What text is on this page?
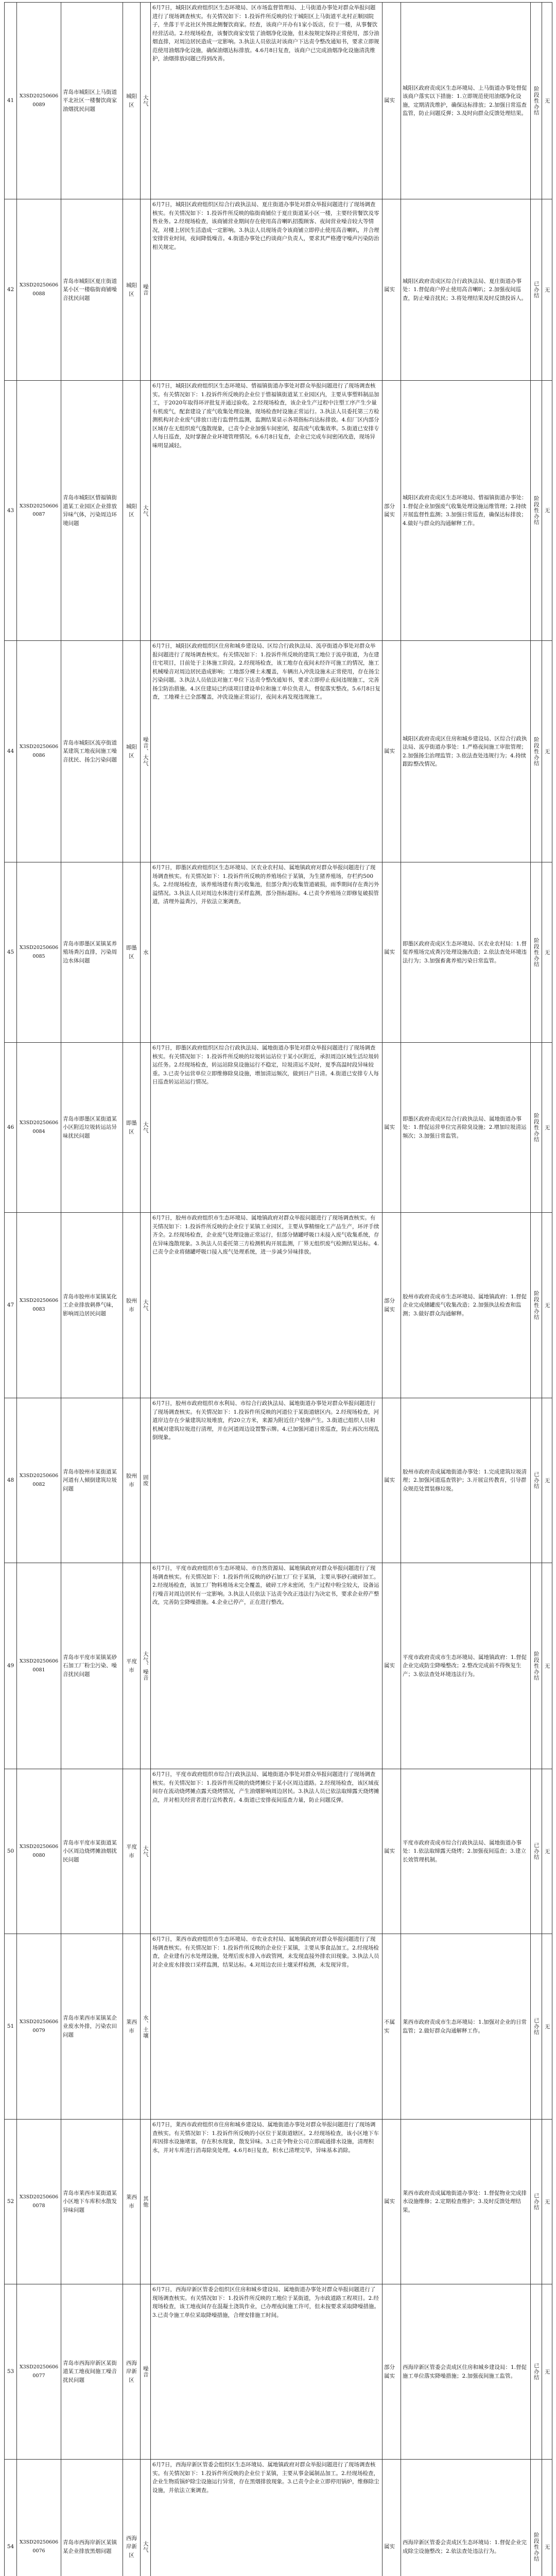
41	X3SD202506060089	青岛市城阳区上马街道平北社区一楼餐饮商家油烟扰民问题	城阳区	大气	6月7日，城阳区政府组织区生态环境局、区市场监督管理局、上马街道办事处对群众举报问题进行了现场调查核实。有关情况如下：1.投诉件所反映的位于城阳区上马街道平北村正顺园院子，坐落于平北社区外围北侧餐饮商家。经查，该商户开办有1家小饭店，位于一楼，从事餐饮经营活动。2.经现场检查，该餐饮商家安装了油烟净化设施，但未按规定保持正常使用，部分油烟直排，对周边居民造成一定影响。3.执法人员依法对该商户下达责令整改通知书，要求立即规范使用油烟净化设施，确保油烟达标排放。4.6月8日复查，该商户已完成油烟净化设施清洗维护，油烟排放问题已得到改善。	属实	城阳区政府责成区生态环境局、上马街道办事处督促该商户落实以下措施：1.立即规范使用油烟净化设施，定期清洗维护，确保达标排放；2.加强日常巡查监管，防止问题反弹；3.及时向群众反馈处理结果。	阶段性办结	无
42	X3SD202506060088	青岛市城阳区夏庄街道某小区一楼临街商铺噪音扰民问题	城阳区	噪音	6月7日，城阳区政府组织区综合行政执法局、夏庄街道办事处对群众举报问题进行了现场调查核实。有关情况如下：1.投诉件所反映的临街商铺位于夏庄街道某小区一楼，主要经营餐饮及零售业务。2.经现场检查，该商铺营业期间存在使用高音喇叭招揽顾客、夜间营业噪音较大等情况，对楼上居民生活造成一定影响。3.执法人员现场责令该商铺立即停止使用高音喇叭，并合理安排营业时间，夜间降低噪音。4.街道办事处已约谈商户负责人，要求其严格遵守噪声污染防治相关规定。	属实	城阳区政府责成区综合行政执法局、夏庄街道办事处：1.督促商户停止使用高音喇叭；2.加强夜间巡查，防止噪音扰民；3.将处理结果及时反馈投诉人。	已办结	无
43	X3SD202506060087	青岛市城阳区惜福镇街道某工业园区企业排放异味气体，污染周边环境问题	城阳区	大气	6月7日，城阳区政府组织区生态环境局、惜福镇街道办事处对群众举报问题进行了现场调查核实。有关情况如下：1.投诉件所反映的企业位于惜福镇街道某工业园区内，主要从事塑料制品加工，于2020年取得环评批复并通过验收。2.经现场检查，该企业生产过程中注塑工序产生少量有机废气，配套建设了废气收集处理设施，现场检查时设施正常运行。3.执法人员委托第三方检测机构对企业废气排放口进行监督性监测，监测结果显示各项指标均达标排放。4.但厂区内部分区域存在无组织废气逸散现象，已责令企业加强车间密闭，提高废气收集效率。5.街道已安排专人每日巡查，及时掌握企业环境管理情况。6.6月8日复查，企业已完成车间密闭改造，现场异味明显减轻。	部分属实	城阳区政府责成区生态环境局、惜福镇街道办事处：1.督促企业加强废气收集处理设施运维管理；2.持续开展监督性监测；3.加强日常巡查，确保达标排放；4.做好与群众的沟通解释工作。	阶段性办结	无
44	X3SD202506060086	青岛市城阳区流亭街道某建筑工地夜间施工噪音扰民、扬尘污染问题	城阳区	噪音、大气	6月7日，城阳区政府组织区住房和城乡建设局、区综合行政执法局、流亭街道办事处对群众举报问题进行了现场调查核实。有关情况如下：1.投诉件所反映的建筑工地位于流亭街道，为在建住宅项目，目前处于主体施工阶段。2.经现场检查，该工地存在夜间未经许可施工的情况，施工机械噪音对周边居民造成影响；工地部分裸土未覆盖，车辆出入冲洗设施未正常使用，存在扬尘污染问题。3.执法人员依法对施工单位下达责令整改通知书，要求立即停止夜间违规施工，完善扬尘防治措施。4.区住建局已约谈项目建设单位和施工单位负责人，督促落实整改。5.6月8日复查，工地裸土已全部覆盖，冲洗设施正常运行，夜间未再发现违规施工。	属实	城阳区政府责成区住房和城乡建设局、区综合行政执法局、流亭街道办事处：1.严格夜间施工审批管理；2.加强扬尘治理监管；3.依法查处违规行为；4.持续跟踪整改情况。	阶段性办结	无
45	X3SD202506060085	青岛市即墨区某镇某养殖场粪污直排，污染周边水体问题	即墨区	水	6月7日，即墨区政府组织区生态环境局、区农业农村局、属地镇政府对群众举报问题进行了现场调查核实。有关情况如下：1.投诉件所反映的养殖场位于某镇，为生猪养殖场，存栏约500头。2.经现场检查，该养殖场建有粪污收集池，但部分粪污收集管道破损，雨季期间存在粪污外溢情况。3.执法人员对周边水体进行采样监测，部分指标超标。4.已责令养殖场立即修复破损管道，清理外溢粪污，并依法立案调查。	属实	即墨区政府责成区生态环境局、区农业农村局：1.督促养殖场完成粪污处理设施改造；2.依法查处环境违法行为；3.加强畜禽养殖污染日常监管。	阶段性办结	无
46	X3SD202506060084	青岛市即墨区某街道某小区附近垃圾转运站异味扰民问题	即墨区	大气	6月7日，即墨区政府组织区综合行政执法局、属地街道办事处对群众举报问题进行了现场调查核实。有关情况如下：1.投诉件所反映的垃圾转运站位于某小区附近，承担周边区域生活垃圾转运任务。2.经现场检查，转运站除臭设施运行不稳定，垃圾清运不及时，夏季高温时段异味较重。3.已责令运营单位立即维修除臭设施，增加清运频次，做到日产日清。4.街道已安排专人每日巡查转运站运行情况。	属实	即墨区政府责成区综合行政执法局、属地街道办事处：1.督促运营单位完善除臭设施；2.增加垃圾清运频次；3.加强日常监管。	阶段性办结	无
47	X3SD202506060083	青岛市胶州市某镇某化工企业排放刺鼻气味，影响周边居民问题	胶州市	大气	6月7日，胶州市政府组织市生态环境局、属地镇政府对群众举报问题进行了现场调查核实。有关情况如下：1.投诉件所反映的企业位于某镇工业园区，主要从事精细化工产品生产，环评手续齐全。2.经现场检查，企业废气处理设施正常运行，但部分储罐呼吸口未接入废气收集系统，存在异味逸散现象。3.执法人员委托第三方检测机构开展监测，厂界无组织废气检测结果达标。4.已责令企业将储罐呼吸口接入废气处理系统，进一步减少异味排放。	部分属实	胶州市政府责成市生态环境局、属地镇政府：1.督促企业完成储罐废气收集改造；2.加强执法检查和监测；3.做好群众沟通解释。	阶段性办结	无
48	X3SD202506060082	青岛市胶州市某街道某河道有人倾倒建筑垃圾问题	胶州市	固废	6月7日，胶州市政府组织市水利局、市综合行政执法局、属地街道办事处对群众举报问题进行了现场调查核实。有关情况如下：1.投诉件所反映的河道位于某街道辖区内。2.经现场检查，河道岸边存在少量建筑垃圾堆放，约20立方米，来源为附近住户装修产生。3.街道已组织人员和机械对建筑垃圾进行清理，并在河道周边设置警示牌。4.已加强河道日常巡查，防止再次出现乱倒现象。	属实	胶州市政府责成属地街道办事处：1.完成建筑垃圾清理；2.加强河道巡查管护；3.开展宣传教育，引导群众规范处置装修垃圾。	已办结	无
49	X3SD202506060081	青岛市平度市某镇某砂石加工厂粉尘污染、噪音扰民问题	平度市	大气、噪音	6月7日，平度市政府组织市生态环境局、市自然资源局、属地镇政府对群众举报问题进行了现场调查核实。有关情况如下：1.投诉件所反映的砂石加工厂位于某镇，主要从事砂石破碎加工。2.经现场检查，该加工厂物料堆场未完全覆盖，破碎工序未密闭，生产过程中粉尘较大，设备运行噪音对周边居民有一定影响。3.执法人员依法下达责令改正违法行为决定书，要求企业停产整改，完善防尘降噪措施。4.企业已停产，正在进行整改。	属实	平度市政府责成市生态环境局、属地镇政府：1.督促企业完成防尘降噪整改；2.整改完成前不得恢复生产；3.依法查处环境违法行为。	阶段性办结	无
50	X3SD202506060080	青岛市平度市某街道某小区周边烧烤摊油烟扰民问题	平度市	大气	6月7日，平度市政府组织市综合行政执法局、属地街道办事处对群众举报问题进行了现场调查核实。有关情况如下：1.投诉件所反映的烧烤摊位于某小区周边道路。2.经现场检查，该区域夜间存在流动烧烤摊点露天烧烤情况，产生油烟影响周边居民。3.执法人员已依法取缔露天烧烤摊点，并对相关经营者进行宣传教育。4.街道已安排夜间巡查力量，防止问题反弹。	属实	平度市政府责成市综合行政执法局、属地街道办事处：1.依法取缔露天烧烤；2.加强夜间巡查；3.建立长效管理机制。	已办结	无
51	X3SD202506060079	青岛市莱西市某镇某企业废水外排，污染农田问题	莱西市	水、土壤	6月7日，莱西市政府组织市生态环境局、市农业农村局、属地镇政府对群众举报问题进行了现场调查核实。有关情况如下：1.投诉件所反映的企业位于某镇，主要从事食品加工。2.经现场检查，企业建有污水处理设施，处理后废水排入市政管网，未发现直接外排农田现象。3.执法人员对企业废水排放口采样监测，结果达标。4.对周边农田土壤采样检测，未发现异常。	不属实	莱西市政府责成市生态环境局：1.加强对企业的日常监管；2.做好群众沟通解释工作。	已办结	无
52	X3SD202506060078	青岛市莱西市某街道某小区地下车库积水散发异味问题	莱西市	其他	6月7日，莱西市政府组织市住房和城乡建设局、属地街道办事处对群众举报问题进行了现场调查核实。有关情况如下：1.投诉件所反映的小区位于某街道辖区。2.经现场检查，该小区地下车库因排水设施堵塞，存在积水现象，散发异味。3.已责令物业公司立即疏通排水设施，清理积水，并对车库进行消毒除臭处理。4.6月8日复查，积水已清理完毕，异味基本消除。	属实	莱西市政府责成属地街道办事处：1.督促物业完成排水设施维修；2.定期检查维护；3.及时反馈处理结果。	已办结	无
53	X3SD202506060077	青岛市西海岸新区某街道某工地夜间施工噪音扰民问题	西海岸新区	噪音	6月7日，西海岸新区管委会组织区住房和城乡建设局、属地街道办事处对群众举报问题进行了现场调查核实。有关情况如下：1.投诉件所反映的工地位于某街道，为市政道路工程项目。2.经现场检查，该工地夜间存在混凝土浇筑作业，已办理夜间施工许可，但未按要求采取降噪措施。3.已责令施工单位采取降噪措施，合理安排施工时间。	部分属实	西海岸新区管委会责成区住房和城乡建设局：1.督促施工单位落实降噪措施；2.加强夜间施工监管。	已办结	无
54	X3SD202506060076	青岛市西海岸新区某镇某企业排放黑烟问题	西海岸新区	大气	6月7日，西海岸新区管委会组织区生态环境局、属地镇政府对群众举报问题进行了现场调查核实。有关情况如下：1.投诉件所反映的企业位于某镇，主要从事金属制品加工。2.经现场检查，企业生物质锅炉除尘设施运行异常，存在黑烟排放现象。3.已责令企业立即停用锅炉，维修除尘设施，并依法立案调查。	属实	西海岸新区管委会责成区生态环境局：1.督促企业完成除尘设施整改；2.依法查处违法行为。	阶段性办结	无
